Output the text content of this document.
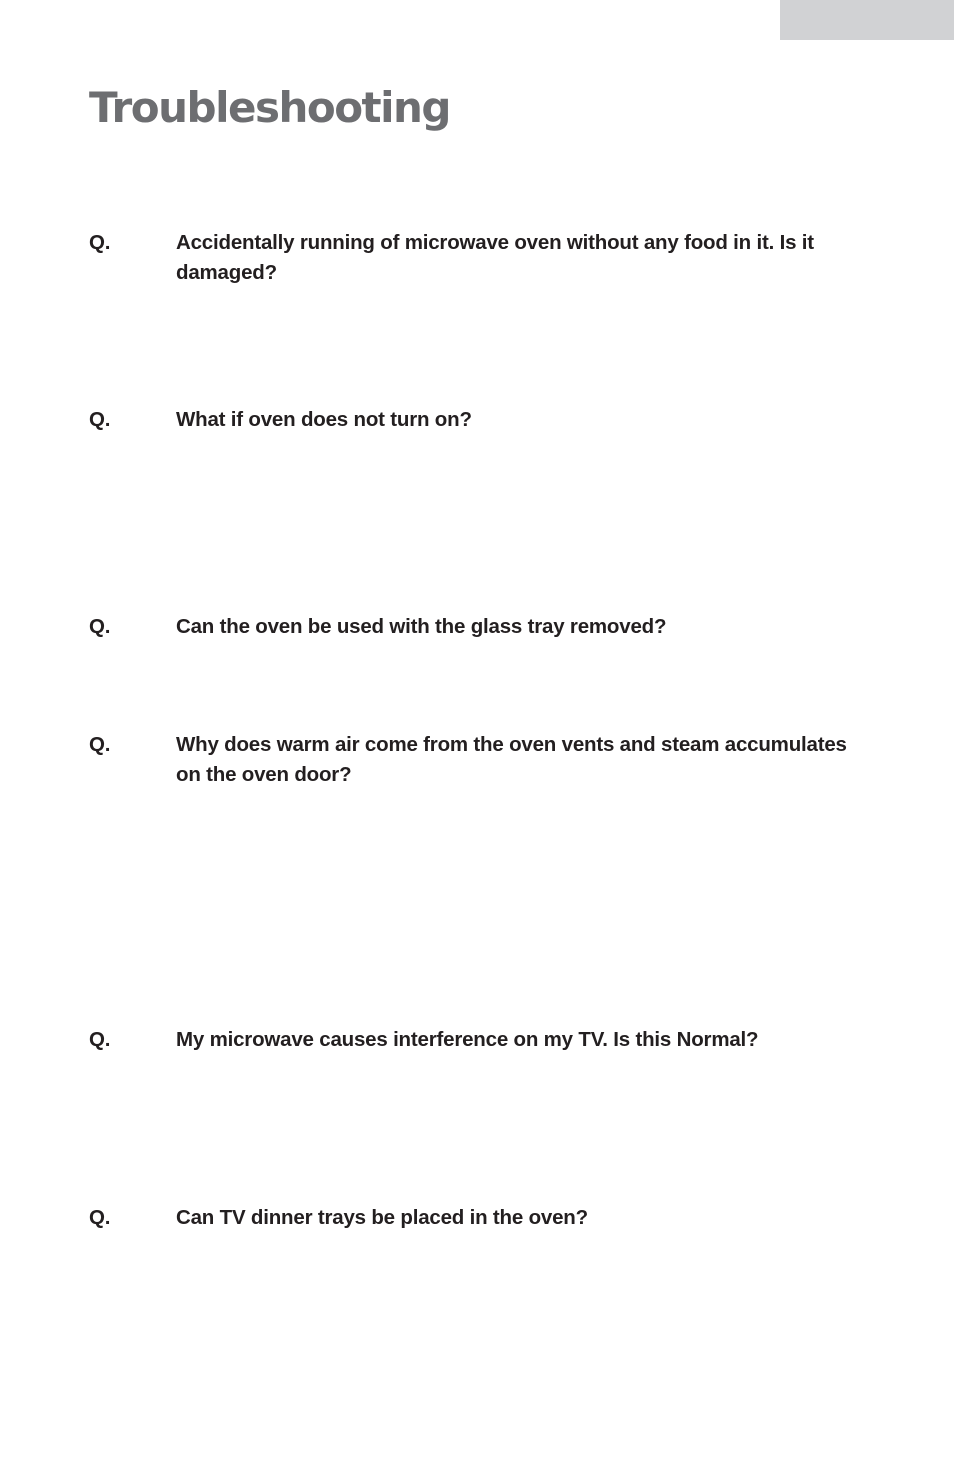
Troubleshooting
Q.	Accidentally running of microwave oven without any food in it. Is it damaged?
Q.	What if oven does not turn on?
Q.	Can the oven be used with the glass tray removed?
Q.	Why does warm air come from the oven vents and steam accumulates on the oven door?
Q.	My microwave causes interference on my TV. Is this Normal?
Q.	Can TV dinner trays be placed in the oven?
